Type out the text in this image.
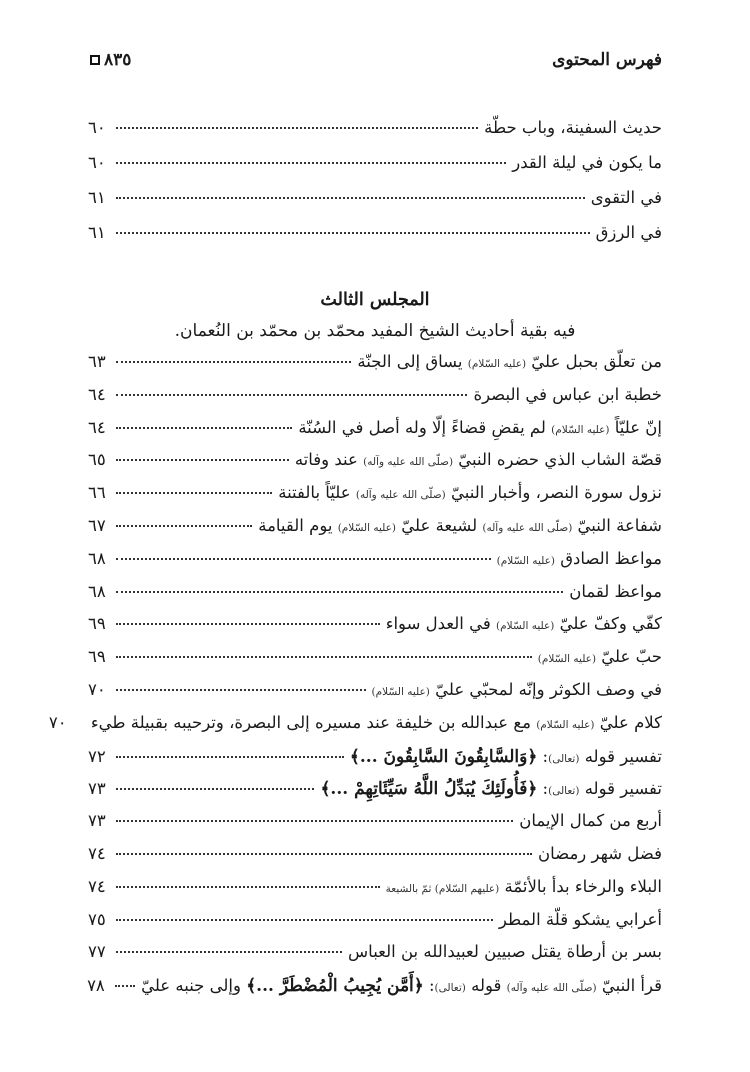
فهرس المحتوى
٨٣٥
حديث السفينة، وباب حطّة
٦٠
ما يكون في ليلة القدر
٦٠
في التقوى
٦١
في الرزق
٦١
المجلس الثالث
فيه بقية أحاديث الشيخ المفيد محمّد بن محمّد بن النُعمان.
من تعلّق بحبل عليّ (عليه السّلام) يساق إلى الجنّة
٦٣
خطبة ابن عباس في البصرة
٦٤
إنّ عليّاً (عليه السّلام) لم يقضِ قضاءً إلّا وله أصل في السُنّة
٦٤
قصّة الشاب الذي حضره النبيّ (صلّى الله عليه وآله) عند وفاته
٦٥
نزول سورة النصر، وأخبار النبيّ (صلّى الله عليه وآله) عليّاً بالفتنة
٦٦
شفاعة النبيّ (صلّى الله عليه وآله) لشيعة عليّ (عليه السّلام) يوم القيامة
٦٧
مواعظ الصادق (عليه السّلام)
٦٨
مواعظ لقمان
٦٨
كفّي وكفّ عليّ (عليه السّلام) في العدل سواء
٦٩
حبّ عليّ (عليه السّلام)
٦٩
في وصف الكوثر وإنّه لمحبّي عليّ (عليه السّلام)
٧٠
كلام عليّ (عليه السّلام) مع عبدالله بن خليفة عند مسيره إلى البصرة، وترحيبه بقبيلة طيء
٧٠
تفسير قوله (تعالى): ﴿وَالسَّابِقُونَ السَّابِقُونَ ...﴾
٧٢
تفسير قوله (تعالى): ﴿فَأُولَئِكَ يُبَدِّلُ اللَّهُ سَيِّئَاتِهِمْ ...﴾
٧٣
أربع من كمال الإيمان
٧٣
فضل شهر رمضان
٧٤
البلاء والرخاء بدأ بالأئمّة (عليهم السّلام) ثمّ بالشيعة
٧٤
أعرابي يشكو قلّة المطر
٧٥
بسر بن أرطاة يقتل صبيين لعبيدالله بن العباس
٧٧
قرأ النبيّ (صلّى الله عليه وآله) قوله (تعالى): ﴿أَمَّن يُجِيبُ الْمُضْطَرَّ ...﴾ وإلى جنبه عليّ
٧٨
